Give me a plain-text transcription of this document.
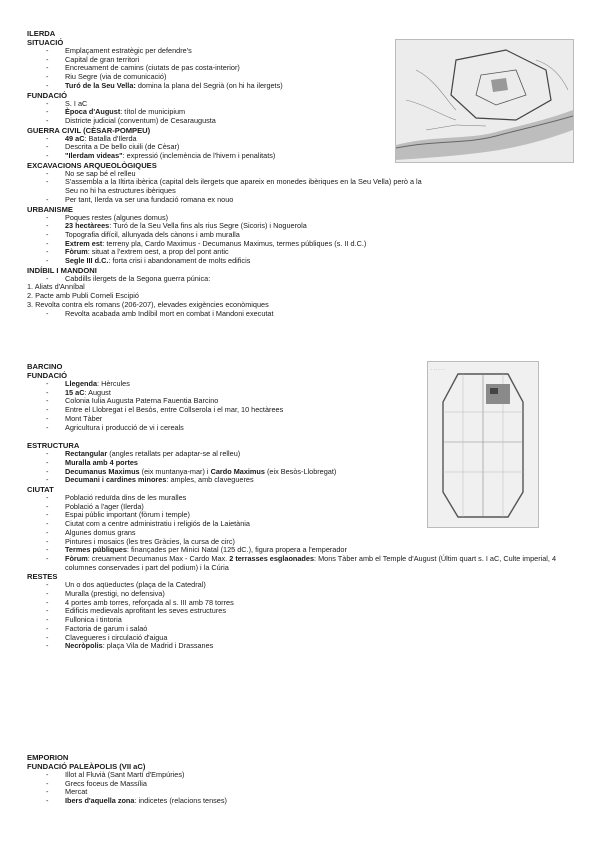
ILERDA
SITUACIÓ
- Emplaçament estratègic per defendre's
- Capital de gran territori
- Encreuament de camins (ciutats de pas costa-interior)
- Riu Segre (via de comunicació)
- Turó de la Seu Vella: domina la plana del Segrià (on hi ha ilergets)
FUNDACIÓ
- S. I aC
- Època d'August: títol de municipium
- Districte judicial (conventum) de Cesaraugusta
GUERRA CIVIL (CÈSAR-POMPEU)
- 49 aC: Batalla d'Ilerda
- Descrita a De bello ciuili (de Cèsar)
- "Ilerdam videas": expressió (inclemència de l'hivern i penalitats)
EXCAVACIONS ARQUEOLÒGIQUES
- No se sap bé el relleu
- S'assembla a la Iltirta ibèrica (capital dels ilergets que apareix en monedes ibèriques en la Seu Vella) però a la Seu no hi ha estructures ibèriques
- Per tant, Ilerda va ser una fundació romana ex nouo
URBANISME
- Poques restes (algunes domus)
- 23 hectàrees: Turó de la Seu Vella fins als rius Segre (Sicoris) i Noguerola
- Topografia difícil, allunyada dels cànons i amb muralla
- Extrem est: terreny pla, Cardo Maximus - Decumanus Maximus, termes públiques (s. II d.C.)
- Fòrum: situat a l'extrem oest, a prop del pont antic
- Segle III d.C.: forta crisi i abandonament de molts edificis
INDÍBIL I MANDONI
- Cabdills ilergets de la Segona guerra púnica:
1. Aliats d'Anníbal
2. Pacte amb Publi Corneli Escipió
3. Revolta contra els romans (206-207), elevades exigències econòmiques
- Revolta acabada amb Indíbil mort en combat i Mandoni executat
BARCINO
FUNDACIÓ
- Llegenda: Hèrcules
- 15 aC: August
- Colonia Iulia Augusta Paterna Fauentia Barcino
- Entre el Llobregat i el Besòs, entre Collserola i el mar, 10 hectàrees
- Mont Tàber
- Agricultura i producció de vi i cereals
ESTRUCTURA
- Rectangular (angles retallats per adaptar-se al relleu)
- Muralla amb 4 portes
- Decumanus Maximus (eix muntanya-mar) i Cardo Maximus (eix Besòs-Llobregat)
- Decumani i cardines minores: amples, amb clavegueres
CIUTAT
- Població reduïda dins de les muralles
- Població a l'ager (Ilerda)
- Espai públic important (fòrum i temple)
- Ciutat com a centre administratiu i religiós de la Laietània
- Algunes domus grans
- Pintures i mosaics (les tres Gràcies, la cursa de circ)
- Termes públiques: finançades per Minici Natal (125 dC.), figura propera a l'emperador
- Fòrum: creuament Decumanus Max - Cardo Max. 2 terrasses esglaonades: Mons Tàber amb el Temple d'August (Últim quart s. I aC, Culte imperial, 4 columnes conservades i part del podium) i la Cúria
RESTES
- Un o dos aqüeductes (plaça de la Catedral)
- Muralla (prestigi, no defensiva)
- 4 portes amb torres, reforçada al s. III amb 78 torres
- Edificis medievals aprofitant les seves estructures
- Fullonica i tintoria
- Factoria de garum i salaó
- Clavegueres i circulació d'aigua
- Necròpolis: plaça Vila de Madrid i Drassanes
· · · · · ·
EMPORION
FUNDACIÓ PALEÀPOLIS (VII aC)
- Illot al Fluvià (Sant Martí d'Empúries)
- Grecs foceus de Massília
- Mercat
- Ibers d'aquella zona: indicetes (relacions tenses)
